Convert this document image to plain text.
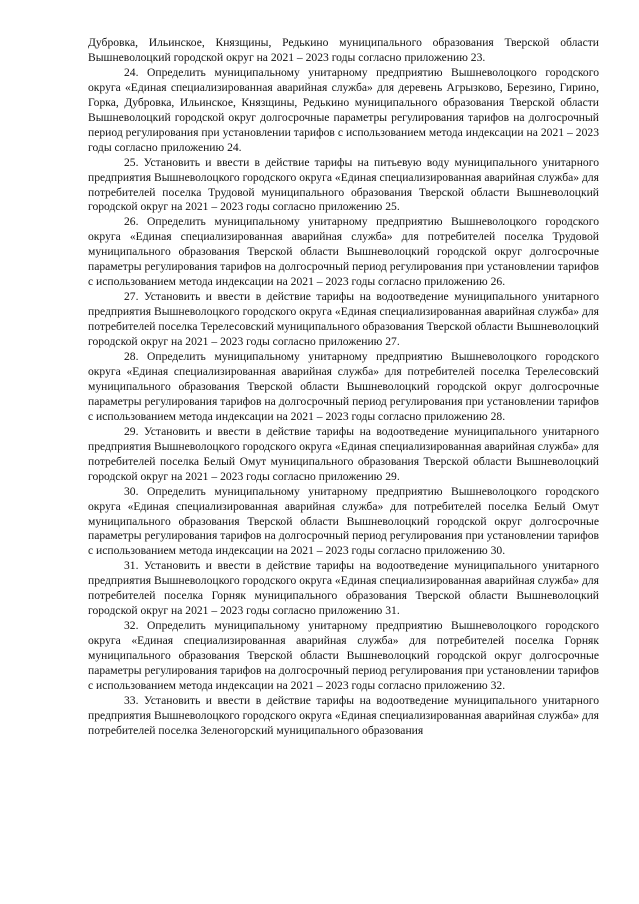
Дубровка, Ильинское, Князщины, Редькино муниципального образования Тверской области Вышневолоцкий городской округ на 2021 – 2023 годы согласно приложению 23.

24. Определить муниципальному унитарному предприятию Вышневолоцкого городского округа «Единая специализированная аварийная служба» для деревень Агрызково, Березино, Гирино, Горка, Дубровка, Ильинское, Князщины, Редькино муниципального образования Тверской области Вышневолоцкий городской округ долгосрочные параметры регулирования тарифов на долгосрочный период регулирования при установлении тарифов с использованием метода индексации на 2021 – 2023 годы согласно приложению 24.

25. Установить и ввести в действие тарифы на питьевую воду муниципального унитарного предприятия Вышневолоцкого городского округа «Единая специализированная аварийная служба» для потребителей поселка Трудовой муниципального образования Тверской области Вышневолоцкий городской округ на 2021 – 2023 годы согласно приложению 25.

26. Определить муниципальному унитарному предприятию Вышневолоцкого городского округа «Единая специализированная аварийная служба» для потребителей поселка Трудовой муниципального образования Тверской области Вышневолоцкий городской округ долгосрочные параметры регулирования тарифов на долгосрочный период регулирования при установлении тарифов с использованием метода индексации на 2021 – 2023 годы согласно приложению 26.

27. Установить и ввести в действие тарифы на водоотведение муниципального унитарного предприятия Вышневолоцкого городского округа «Единая специализированная аварийная служба» для потребителей поселка Терелесовский муниципального образования Тверской области Вышневолоцкий городской округ на 2021 – 2023 годы согласно приложению 27.

28. Определить муниципальному унитарному предприятию Вышневолоцкого городского округа «Единая специализированная аварийная служба» для потребителей поселка Терелесовский муниципального образования Тверской области Вышневолоцкий городской округ долгосрочные параметры регулирования тарифов на долгосрочный период регулирования при установлении тарифов с использованием метода индексации на 2021 – 2023 годы согласно приложению 28.

29. Установить и ввести в действие тарифы на водоотведение муниципального унитарного предприятия Вышневолоцкого городского округа «Единая специализированная аварийная служба» для потребителей поселка Белый Омут муниципального образования Тверской области Вышневолоцкий городской округ на 2021 – 2023 годы согласно приложению 29.

30. Определить муниципальному унитарному предприятию Вышневолоцкого городского округа «Единая специализированная аварийная служба» для потребителей поселка Белый Омут муниципального образования Тверской области Вышневолоцкий городской округ долгосрочные параметры регулирования тарифов на долгосрочный период регулирования при установлении тарифов с использованием метода индексации на 2021 – 2023 годы согласно приложению 30.

31. Установить и ввести в действие тарифы на водоотведение муниципального унитарного предприятия Вышневолоцкого городского округа «Единая специализированная аварийная служба» для потребителей поселка Горняк муниципального образования Тверской области Вышневолоцкий городской округ на 2021 – 2023 годы согласно приложению 31.

32. Определить муниципальному унитарному предприятию Вышневолоцкого городского округа «Единая специализированная аварийная служба» для потребителей поселка Горняк муниципального образования Тверской области Вышневолоцкий городской округ долгосрочные параметры регулирования тарифов на долгосрочный период регулирования при установлении тарифов с использованием метода индексации на 2021 – 2023 годы согласно приложению 32.

33. Установить и ввести в действие тарифы на водоотведение муниципального унитарного предприятия Вышневолоцкого городского округа «Единая специализированная аварийная служба» для потребителей поселка Зеленогорский муниципального образования
